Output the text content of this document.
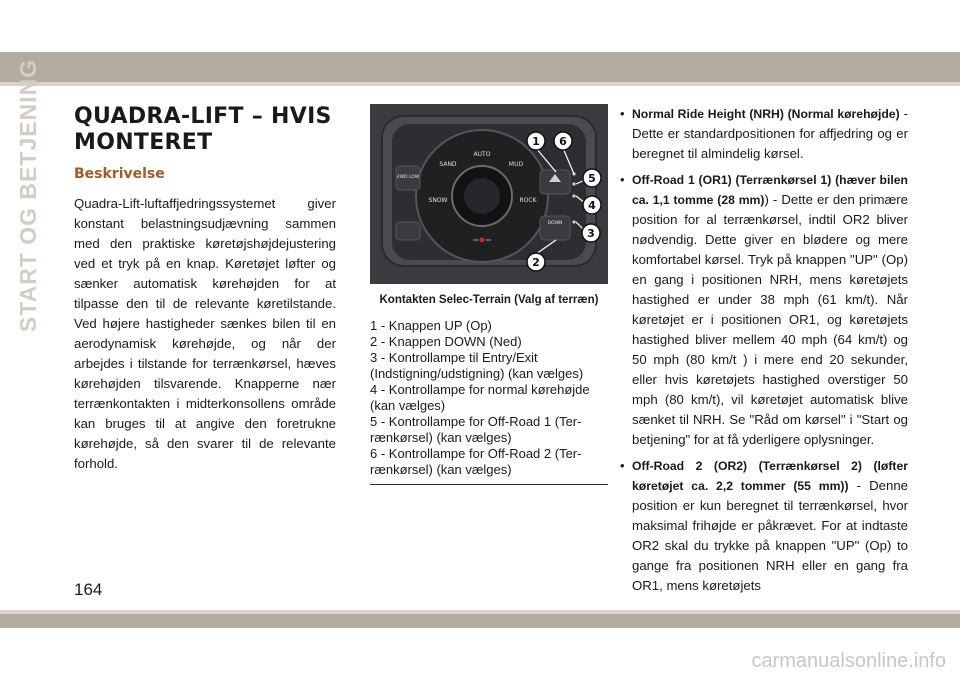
START OG BETJENING QUADRA-LIFT – HVIS
MONTERET
Beskrivelse

Quadra-Lift-luftaffjedringssystemet giver konstant belastningsudjævning sammen med den praktiske køretøjshøjdejustering ved et tryk på en knap. Køretøjet løfter og sænker automatisk kørehøjden for at tilpasse den til de relevante køretilstande. Ved højere hastigheder sænkes bilen til en aerodynamisk kørehøjde, og når der arbejdes i tilstande for terrænkørsel, hæves kørehøjden tilsvarende. Knapperne nær terrænkontakten i midterkonsollens område kan bruges til at angive den foretrukne kørehøjde, så den svarer til de relevante forhold.

AUTO
SAND	MUD
SNOW	ROCK
4WD LOW
DOWN
1 6
5
4
3
2
Kontakten Selec-Terrain (Valg af terræn)
1 - Knappen UP (Op)
2 - Knappen DOWN (Ned)
3 - Kontrollampe til Entry/Exit (Indstigning/udstigning) (kan vælges)
4 - Kontrollampe for normal kørehøjde (kan vælges)
5 - Kontrollampe for Off-Road 1 (Terrænkørsel) (kan vælges)
6 - Kontrollampe for Off-Road 2 (Terrænkørsel) (kan vælges)
• Normal Ride Height (NRH) (Normal kørehøjde) - Dette er standardpositionen for affjedring og er beregnet til almindelig kørsel.

• Off-Road 1 (OR1) (Terrænkørsel 1) (hæver bilen ca. 1,1 tomme (28 mm)) - Dette er den primære position for al terrænkørsel, indtil OR2 bliver nødvendig. Dette giver en blødere og mere komfortabel kørsel. Tryk på knappen "UP" (Op) en gang i positionen NRH, mens køretøjets hastighed er under 38 mph (61 km/t). Når køretøjet er i positionen OR1, og køretøjets hastighed bliver mellem 40 mph (64 km/t) og 50 mph (80 km/t ) i mere end 20 sekunder, eller hvis køretøjets hastighed overstiger 50 mph (80 km/t), vil køretøjet automatisk blive sænket til NRH. Se "Råd om kørsel" i "Start og betjening" for at få yderligere oplysninger.

• Off-Road 2 (OR2) (Terrænkørsel 2) (løfter køretøjet ca. 2,2 tommer (55 mm)) - Denne position er kun beregnet til terrænkørsel, hvor maksimal frihøjde er påkrævet. For at indtaste OR2 skal du trykke på knappen "UP" (Op) to gange fra positionen NRH eller en gang fra OR1, mens køretøjets

164
carmanualsonline.info
